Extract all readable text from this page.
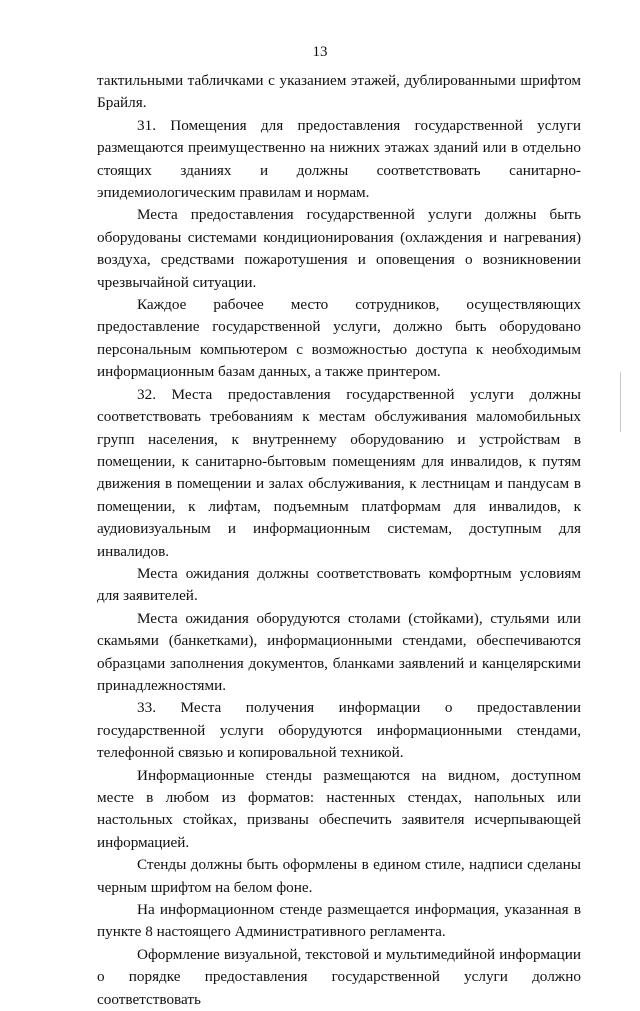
13

тактильными табличками с указанием этажей, дублированными шрифтом Брайля.

31. Помещения для предоставления государственной услуги размещаются преимущественно на нижних этажах зданий или в отдельно стоящих зданиях и должны соответствовать санитарно-эпидемиологическим правилам и нормам.

Места предоставления государственной услуги должны быть оборудованы системами кондиционирования (охлаждения и нагревания) воздуха, средствами пожаротушения и оповещения о возникновении чрезвычайной ситуации.

Каждое рабочее место сотрудников, осуществляющих предоставление государственной услуги, должно быть оборудовано персональным компьютером с возможностью доступа к необходимым информационным базам данных, а также принтером.

32. Места предоставления государственной услуги должны соответствовать требованиям к местам обслуживания маломобильных групп населения, к внутреннему оборудованию и устройствам в помещении, к санитарно-бытовым помещениям для инвалидов, к путям движения в помещении и залах обслуживания, к лестницам и пандусам в помещении, к лифтам, подъемным платформам для инвалидов, к аудиовизуальным и информационным системам, доступным для инвалидов.

Места ожидания должны соответствовать комфортным условиям для заявителей.

Места ожидания оборудуются столами (стойками), стульями или скамьями (банкетками), информационными стендами, обеспечиваются образцами заполнения документов, бланками заявлений и канцелярскими принадлежностями.

33. Места получения информации о предоставлении государственной услуги оборудуются информационными стендами, телефонной связью и копировальной техникой.

Информационные стенды размещаются на видном, доступном месте в любом из форматов: настенных стендах, напольных или настольных стойках, призваны обеспечить заявителя исчерпывающей информацией.

Стенды должны быть оформлены в едином стиле, надписи сделаны черным шрифтом на белом фоне.

На информационном стенде размещается информация, указанная в пункте 8 настоящего Административного регламента.

Оформление визуальной, текстовой и мультимедийной информации о порядке предоставления государственной услуги должно соответствовать
